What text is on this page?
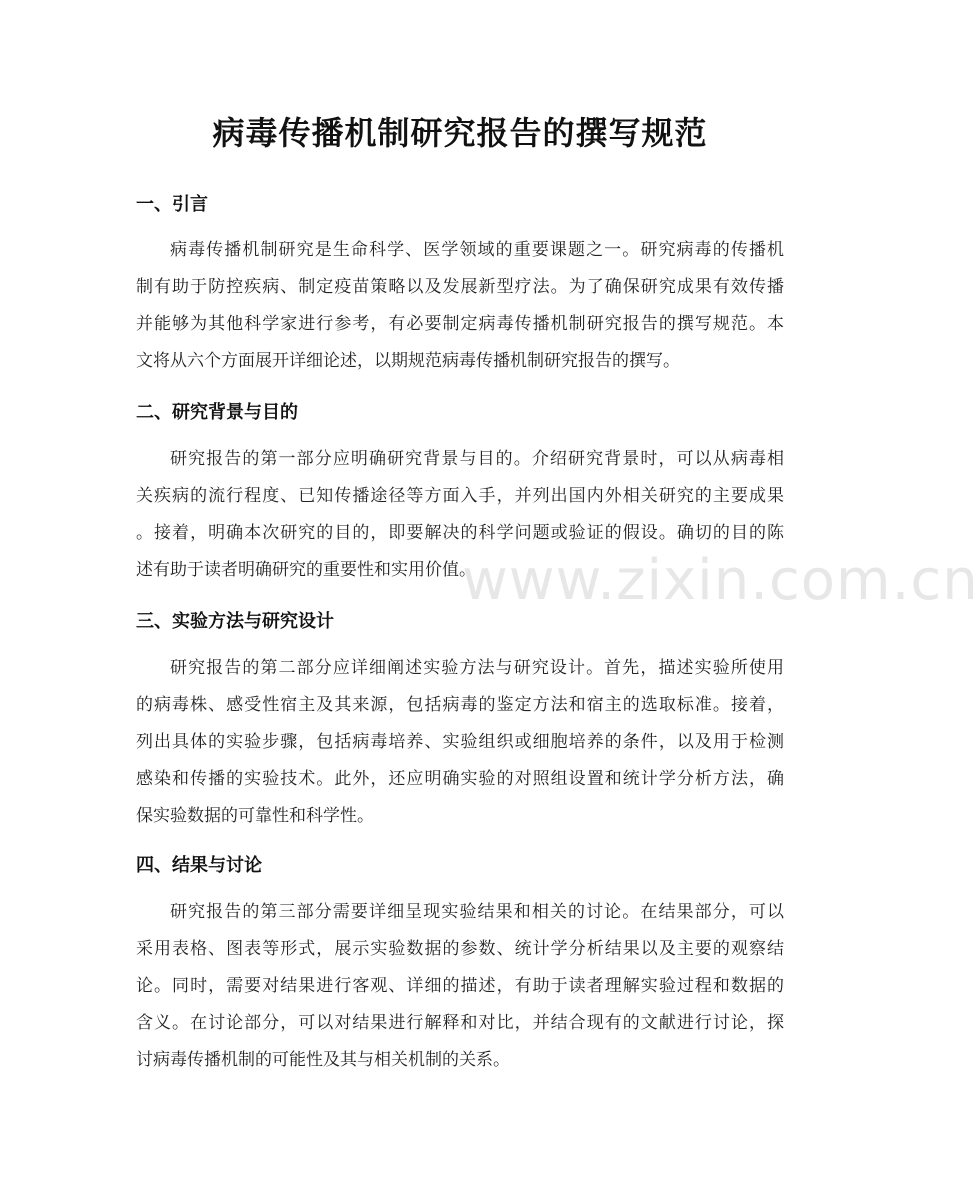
病毒传播机制研究报告的撰写规范
www.zixin.com.cn
一、引言
病毒传播机制研究是生命科学、医学领域的重要课题之一。研究病毒的传播机
制有助于防控疾病、制定疫苗策略以及发展新型疗法。为了确保研究成果有效传播
并能够为其他科学家进行参考，有必要制定病毒传播机制研究报告的撰写规范。本
文将从六个方面展开详细论述，以期规范病毒传播机制研究报告的撰写。
二、研究背景与目的
研究报告的第一部分应明确研究背景与目的。介绍研究背景时，可以从病毒相
关疾病的流行程度、已知传播途径等方面入手，并列出国内外相关研究的主要成果
。接着，明确本次研究的目的，即要解决的科学问题或验证的假设。确切的目的陈
述有助于读者明确研究的重要性和实用价值。
三、实验方法与研究设计
研究报告的第二部分应详细阐述实验方法与研究设计。首先，描述实验所使用
的病毒株、感受性宿主及其来源，包括病毒的鉴定方法和宿主的选取标准。接着，
列出具体的实验步骤，包括病毒培养、实验组织或细胞培养的条件，以及用于检测
感染和传播的实验技术。此外，还应明确实验的对照组设置和统计学分析方法，确
保实验数据的可靠性和科学性。
四、结果与讨论
研究报告的第三部分需要详细呈现实验结果和相关的讨论。在结果部分，可以
采用表格、图表等形式，展示实验数据的参数、统计学分析结果以及主要的观察结
论。同时，需要对结果进行客观、详细的描述，有助于读者理解实验过程和数据的
含义。在讨论部分，可以对结果进行解释和对比，并结合现有的文献进行讨论，探
讨病毒传播机制的可能性及其与相关机制的关系。
